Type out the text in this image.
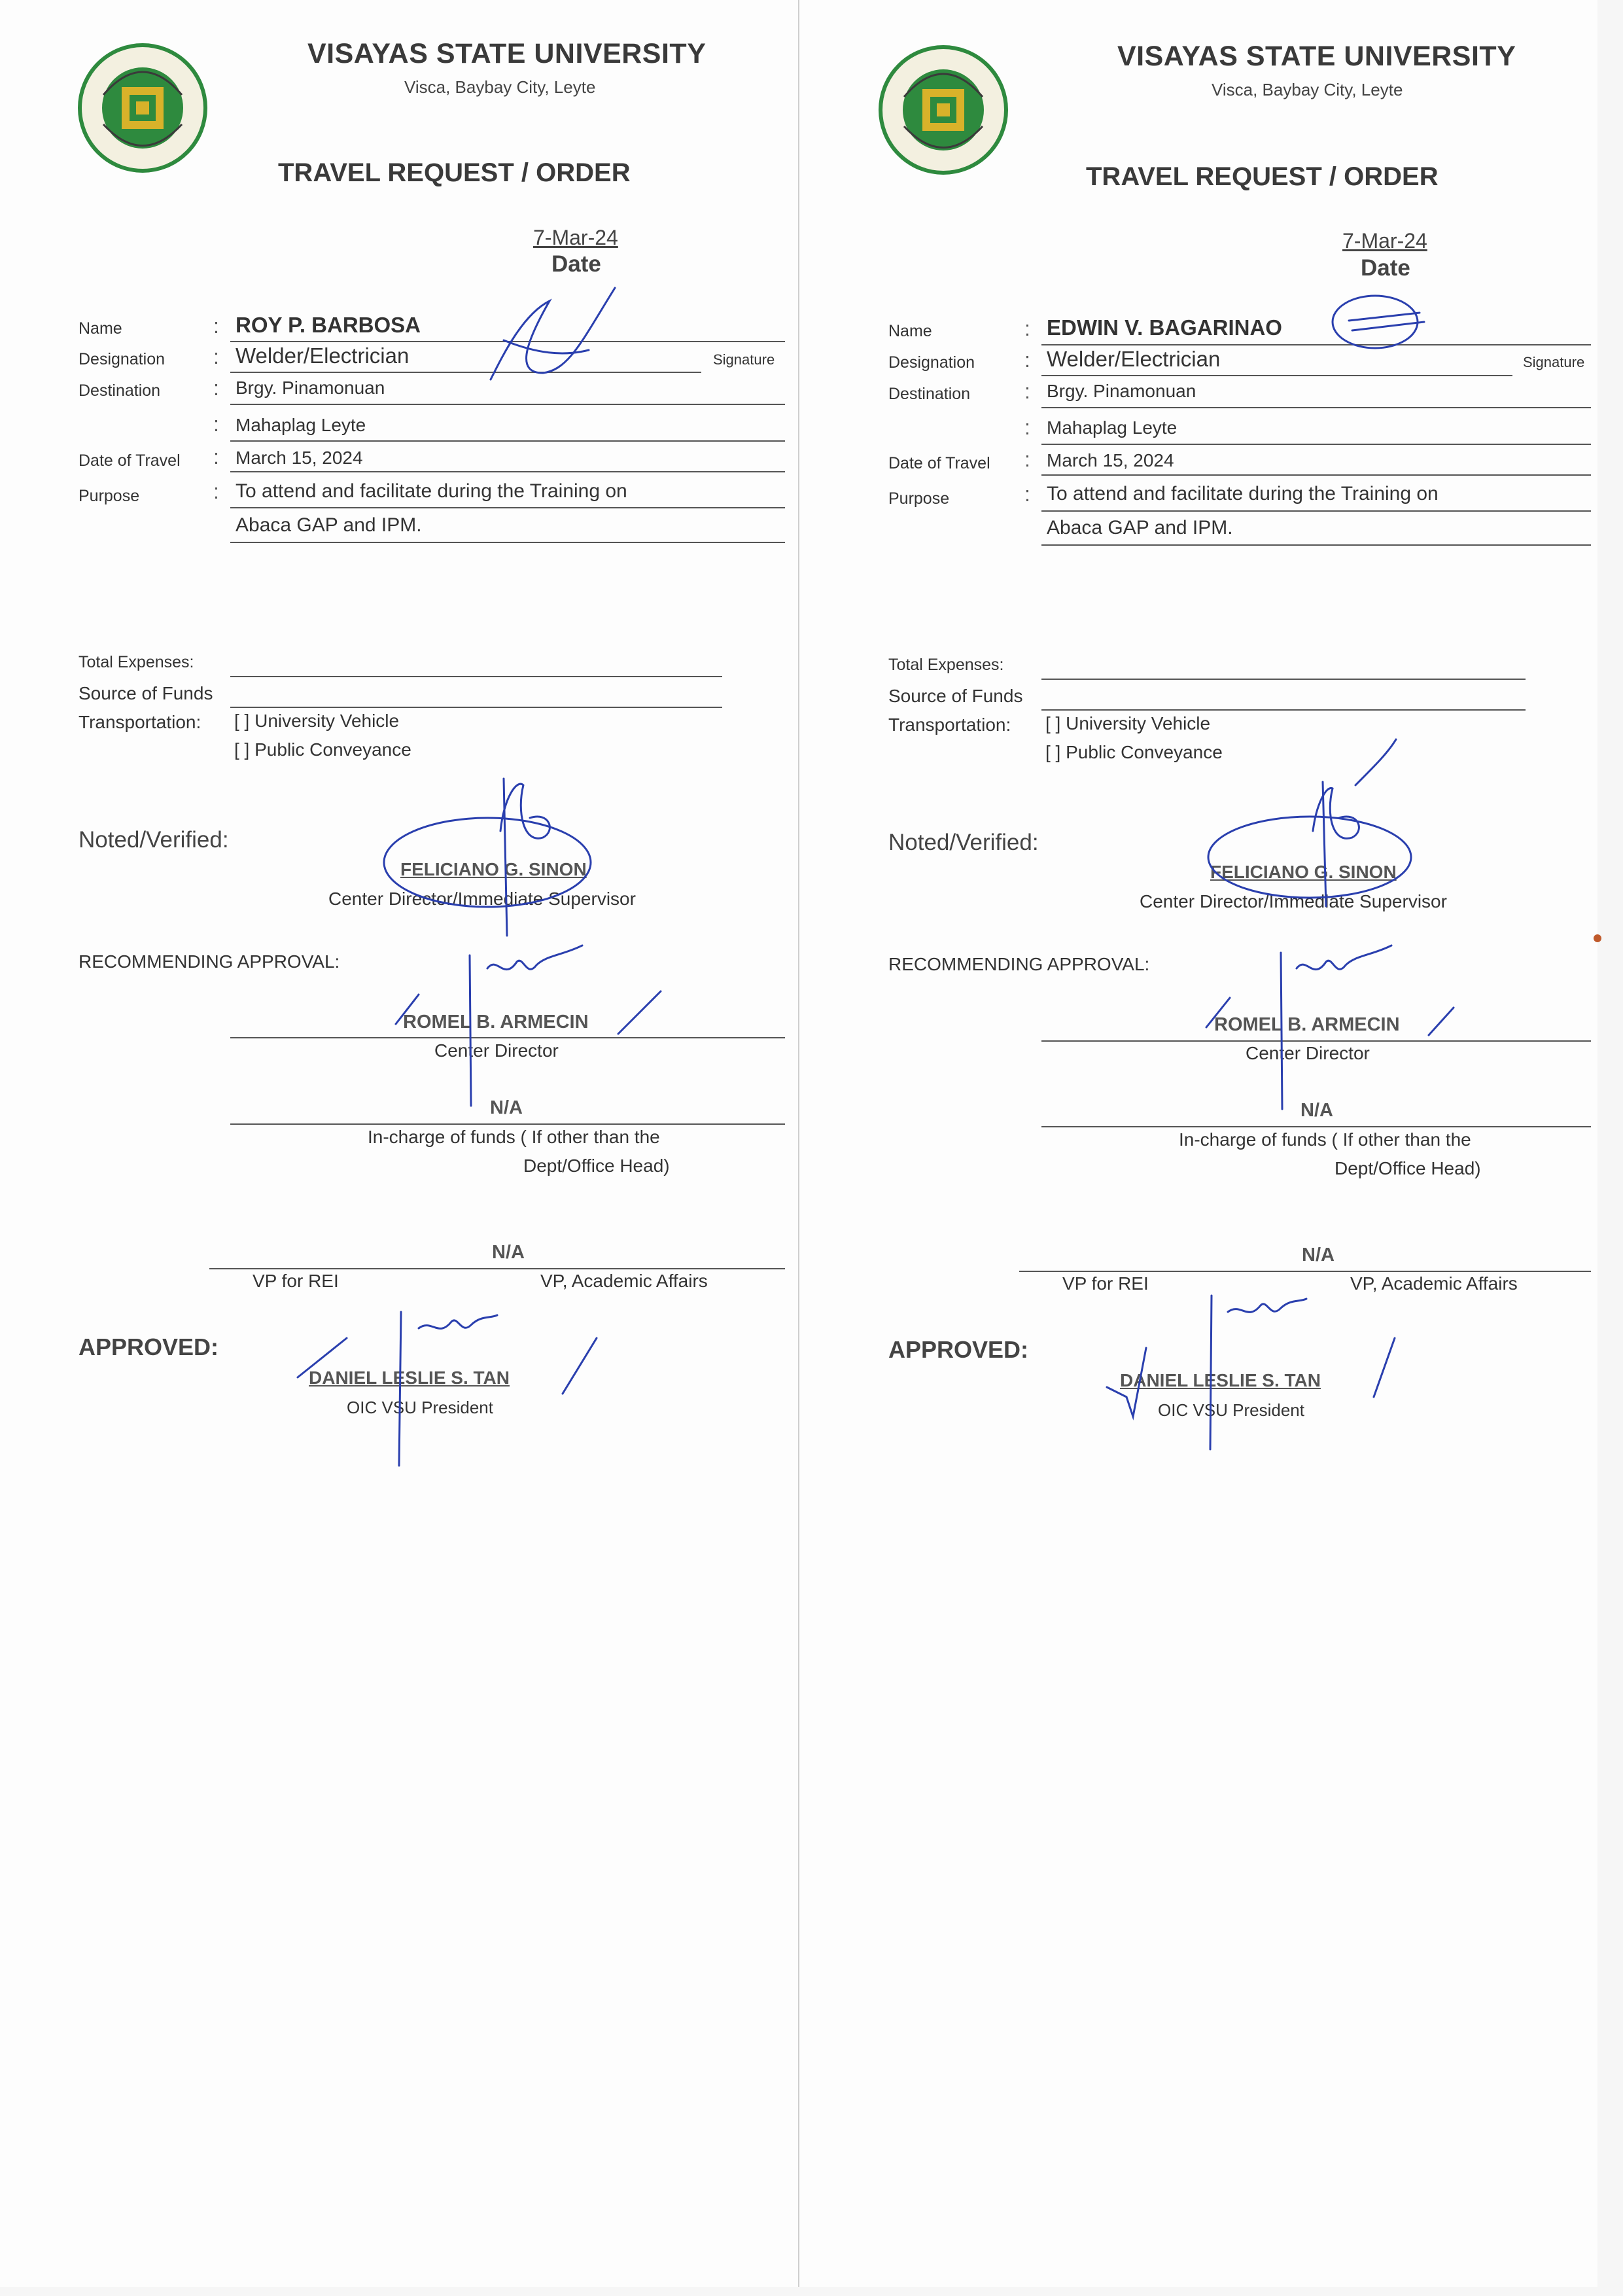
VISAYAS STATE UNIVERSITY
Visca, Baybay City, Leyte
TRAVEL REQUEST / ORDER
7-Mar-24
Date
Name	: ROY P. BARBOSA
Designation : Welder/Electrician	Signature
Destination	: Brgy. Pinamonuan
: Mahaplag Leyte
Date of Travel : March 15, 2024
Purpose	: To attend and facilitate during the Training on
Abaca GAP and IPM.
Total Expenses:
Source of Funds
Transportation: [ ] University Vehicle
[ ] Public Conveyance
Noted/Verified:
FELICIANO G. SINON
Center Director/Immediate Supervisor
RECOMMENDING APPROVAL:
ROMEL B. ARMECIN
Center Director
N/A
In-charge of funds ( If other than the
Dept/Office Head)
N/A
VP for REI	VP, Academic Affairs
APPROVED:
DANIEL LESLIE S. TAN
OIC VSU President
VISAYAS STATE UNIVERSITY
Visca, Baybay City, Leyte
TRAVEL REQUEST / ORDER
7-Mar-24
Date
Name	: EDWIN V. BAGARINAO
Designation : Welder/Electrician	Signature
Destination	: Brgy. Pinamonuan
: Mahaplag Leyte
Date of Travel : March 15, 2024
Purpose	: To attend and facilitate during the Training on
Abaca GAP and IPM.
Total Expenses:
Source of Funds
Transportation: [ ] University Vehicle
[ ] Public Conveyance
Noted/Verified:
FELICIANO G. SINON
Center Director/Immediate Supervisor
RECOMMENDING APPROVAL:
ROMEL B. ARMECIN
Center Director
N/A
In-charge of funds ( If other than the
Dept/Office Head)
N/A
VP for REI	VP, Academic Affairs
APPROVED:
DANIEL LESLIE S. TAN
OIC VSU President
